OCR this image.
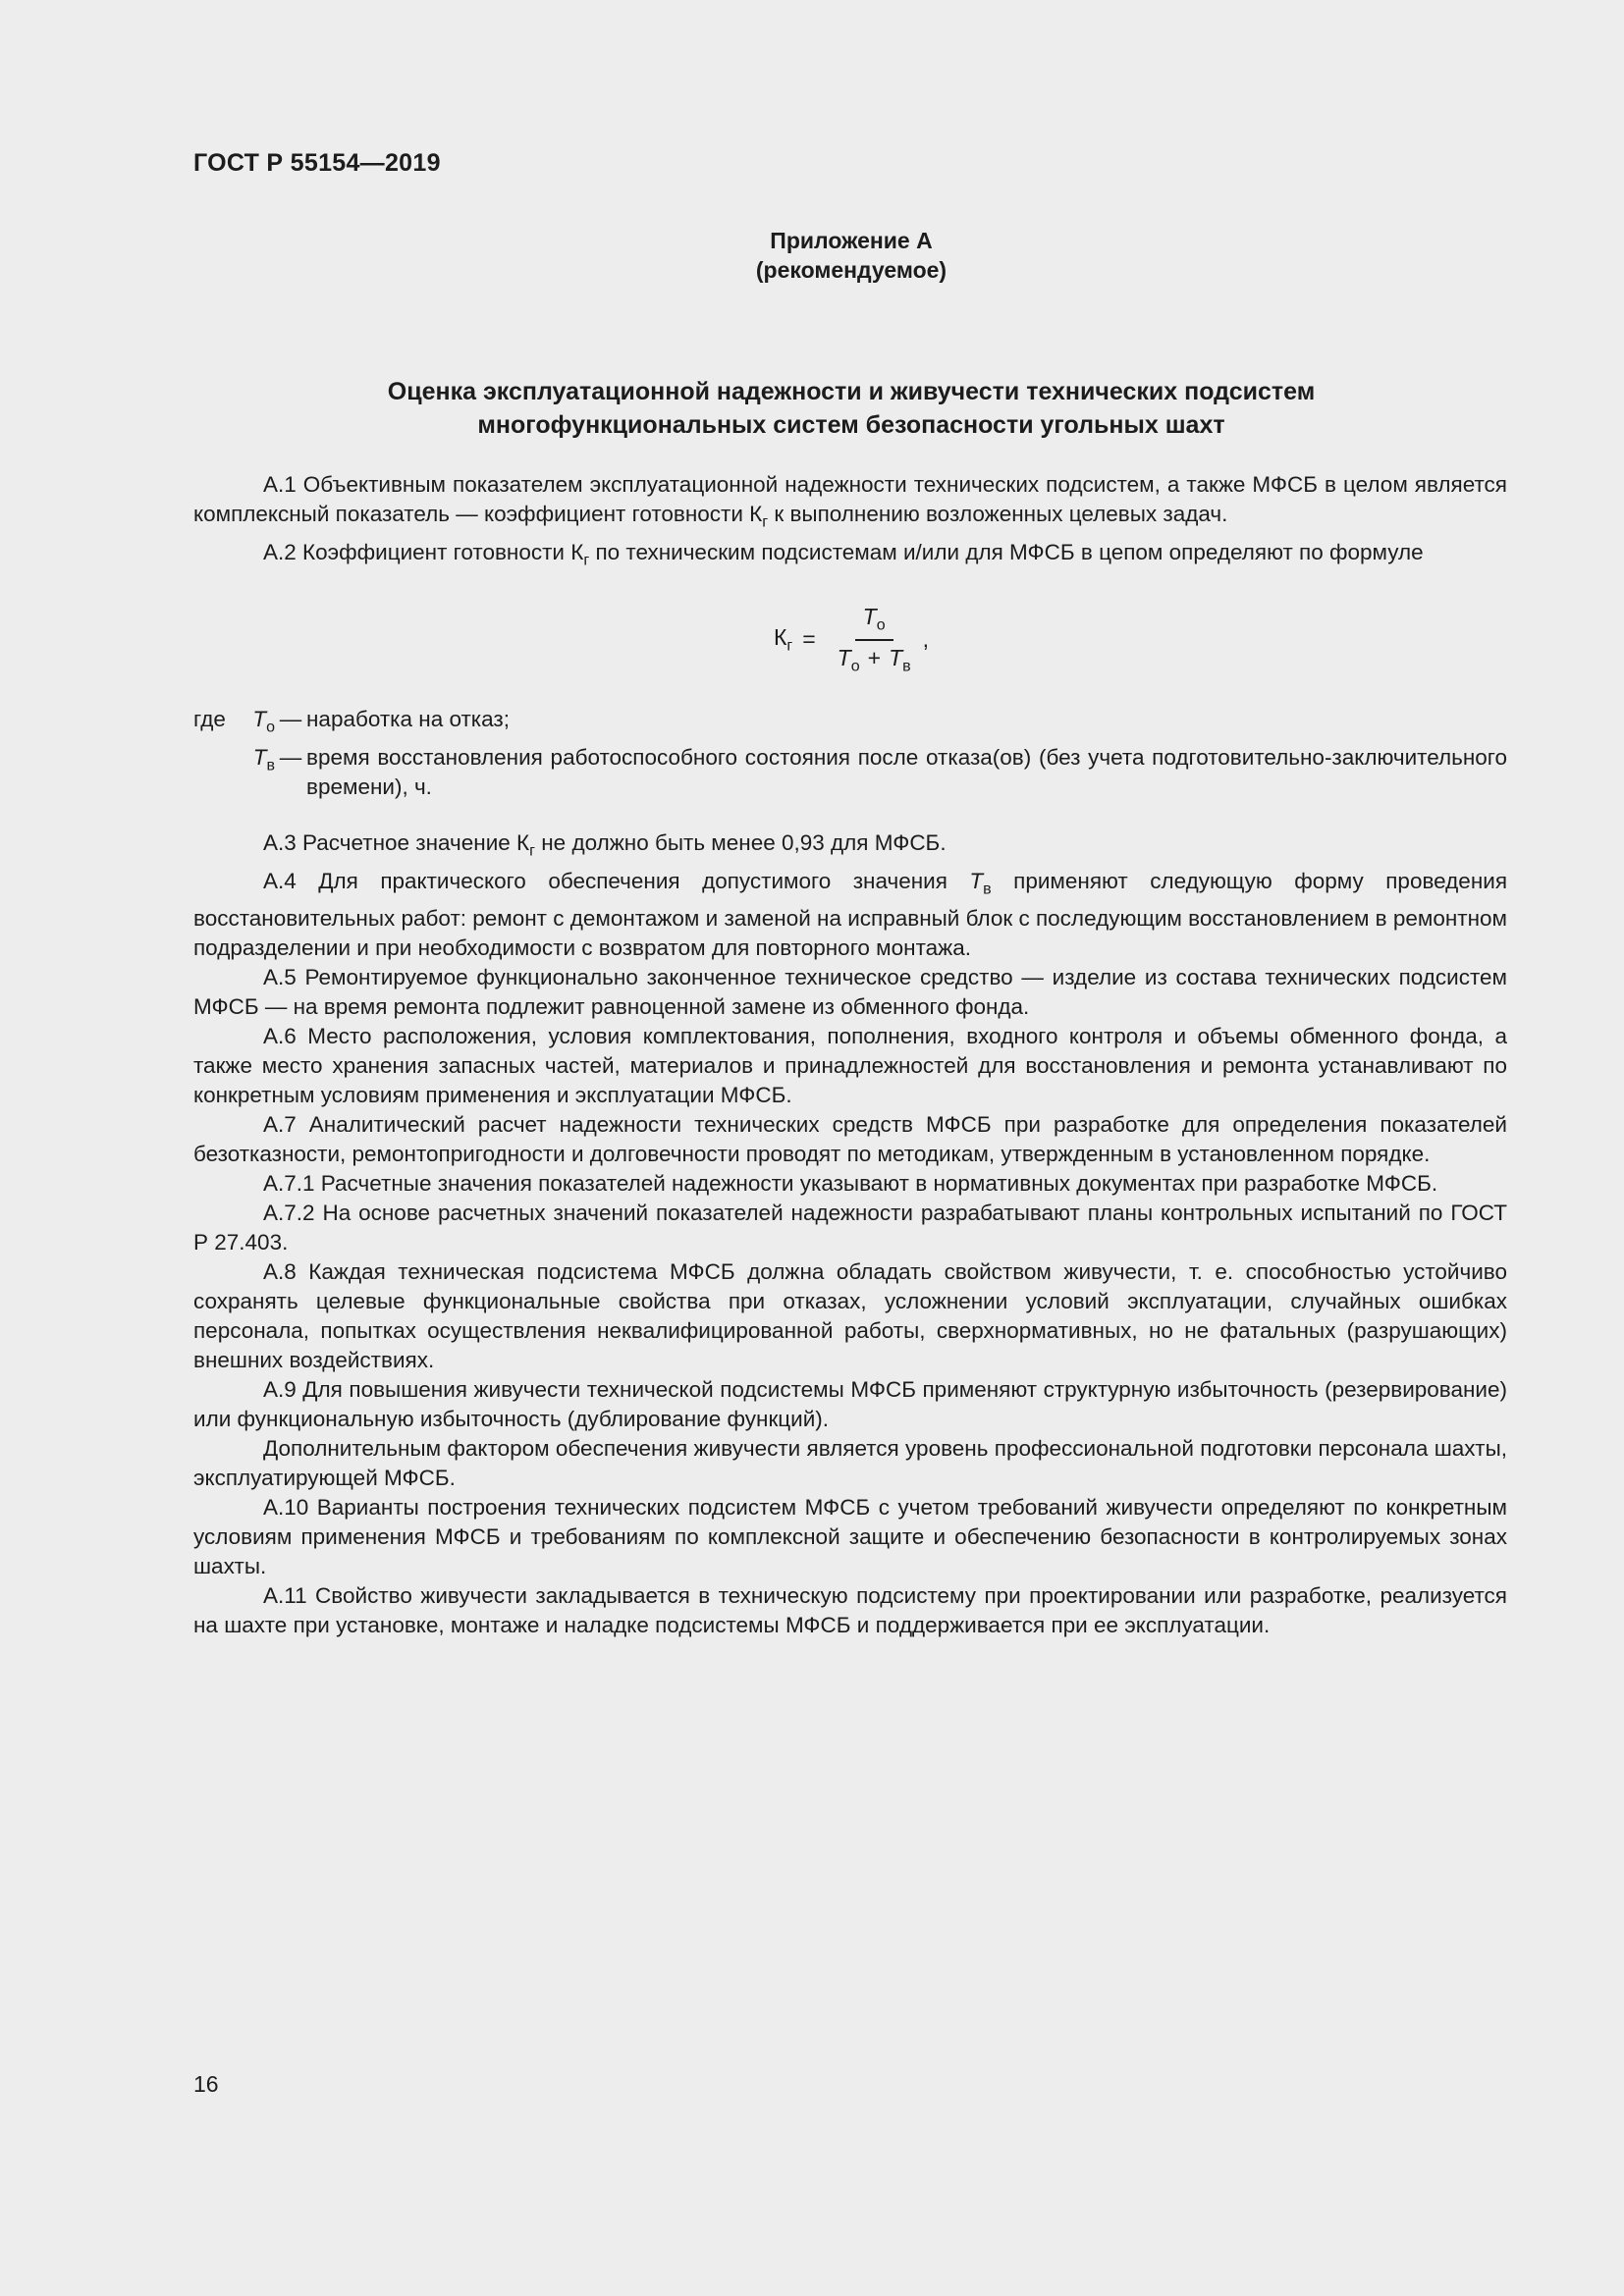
ГОСТ Р 55154—2019
Приложение А
(рекомендуемое)
Оценка эксплуатационной надежности и живучести технических подсистем
многофункциональных систем безопасности угольных шахт

А.1 Объективным показателем эксплуатационной надежности технических подсистем, а также МФСБ в целом является комплексный показатель — коэффициент готовности $К_г$ к выполнению возложенных целевых задач.

А.2 Коэффициент готовности $К_г$ по техническим подсистемам и/или для МФСБ в цепом определяют по формуле

$К_г = \frac{T_о}{T_о + T_в}$ ,
где	$T_о$ — наработка на отказ;
$T_в$ — время восстановления работоспособного состояния после отказа(ов) (без учета подготовительно-заключительного времени), ч.

А.3 Расчетное значение $К_г$ не должно быть менее 0,93 для МФСБ.

А.4 Для практического обеспечения допустимого значения $T_в$ применяют следующую форму проведения восстановительных работ: ремонт с демонтажом и заменой на исправный блок с последующим восстановлением в ремонтном подразделении и при необходимости с возвратом для повторного монтажа.

А.5 Ремонтируемое функционально законченное техническое средство — изделие из состава технических подсистем МФСБ — на время ремонта подлежит равноценной замене из обменного фонда.

А.6 Место расположения, условия комплектования, пополнения, входного контроля и объемы обменного фонда, а также место хранения запасных частей, материалов и принадлежностей для восстановления и ремонта устанавливают по конкретным условиям применения и эксплуатации МФСБ.

А.7 Аналитический расчет надежности технических средств МФСБ при разработке для определения показателей безотказности, ремонтопригодности и долговечности проводят по методикам, утвержденным в установленном порядке.

А.7.1 Расчетные значения показателей надежности указывают в нормативных документах при разработке МФСБ.

А.7.2 На основе расчетных значений показателей надежности разрабатывают планы контрольных испытаний по ГОСТ Р 27.403.

А.8 Каждая техническая подсистема МФСБ должна обладать свойством живучести, т. е. способностью устойчиво сохранять целевые функциональные свойства при отказах, усложнении условий эксплуатации, случайных ошибках персонала, попытках осуществления неквалифицированной работы, сверхнормативных, но не фатальных (разрушающих) внешних воздействиях.

А.9 Для повышения живучести технической подсистемы МФСБ применяют структурную избыточность (резервирование) или функциональную избыточность (дублирование функций).

Дополнительным фактором обеспечения живучести является уровень профессиональной подготовки персонала шахты, эксплуатирующей МФСБ.

А.10 Варианты построения технических подсистем МФСБ с учетом требований живучести определяют по конкретным условиям применения МФСБ и требованиям по комплексной защите и обеспечению безопасности в контролируемых зонах шахты.

А.11 Свойство живучести закладывается в техническую подсистему при проектировании или разработке, реализуется на шахте при установке, монтаже и наладке подсистемы МФСБ и поддерживается при ее эксплуатации.

16
